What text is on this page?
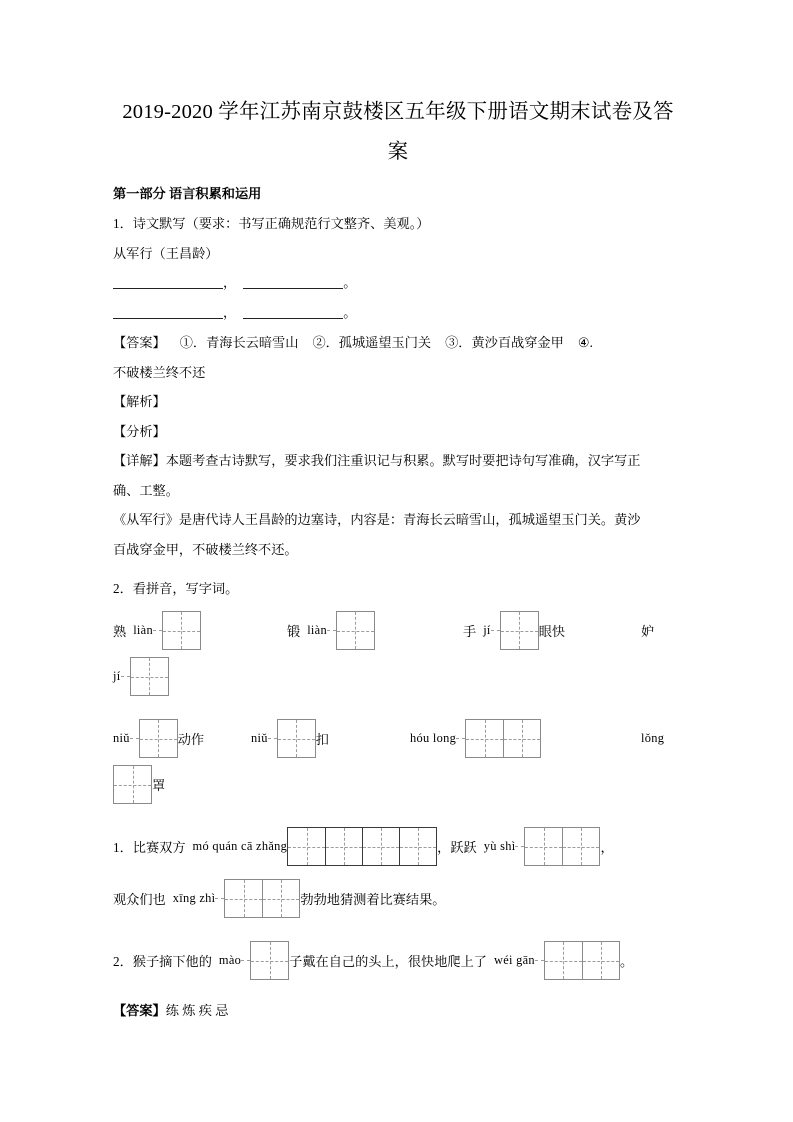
2019-2020 学年江苏南京鼓楼区五年级下册语文期末试卷及答案
第一部分 语言积累和运用
1．诗文默写（要求：书写正确规范行文整齐、美观。）
从军行（王昌龄）
，	。
，	。
【答案】 ①．青海长云暗雪山 ②．孤城遥望玉门关 ③．黄沙百战穿金甲 ④.
不破楼兰终不还
【解析】
【分析】
【详解】本题考查古诗默写，要求我们注重识记与积累。默写时要把诗句写准确，汉字写正
确、工整。
《从军行》是唐代诗人王昌龄的边塞诗，内容是：青海长云暗雪山，孤城遥望玉门关。黄沙
百战穿金甲，不破楼兰终不还。
2．看拼音，写字词。
熟 liàn	锻 liàn	手 jí	眼快	妒
jí
niǔ	动作	niǔ	扣	hóu long	lǒng
罩
1． 比赛双方 mó quán cā zhǎng	， 跃跃 yù shì	，
观众们也 xīng zhì	勃勃地猜测着比赛结果。
2． 猴子摘下他的 mào	子戴在自己的头上，很快地爬上了 wéi gān	。
【答案】练 炼 疾 忌
